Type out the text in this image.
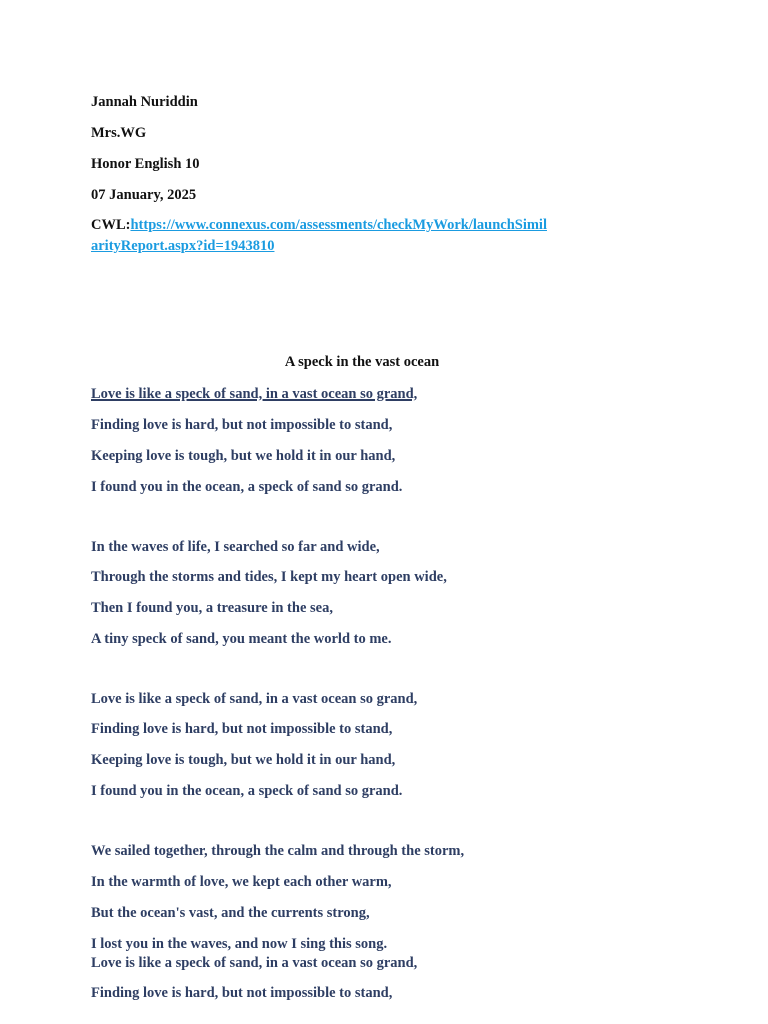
Jannah Nuriddin
Mrs.WG
Honor English 10
07 January, 2025
CWL:https://www.connexus.com/assessments/checkMyWork/launchSimil
arityReport.aspx?id=1943810
A speck in the vast ocean
Love is like a speck of sand, in a vast ocean so grand,
Finding love is hard, but not impossible to stand,
Keeping love is tough, but we hold it in our hand,
I found you in the ocean, a speck of sand so grand.
In the waves of life, I searched so far and wide,
Through the storms and tides, I kept my heart open wide,
Then I found you, a treasure in the sea,
A tiny speck of sand, you meant the world to me.
Love is like a speck of sand, in a vast ocean so grand,
Finding love is hard, but not impossible to stand,
Keeping love is tough, but we hold it in our hand,
I found you in the ocean, a speck of sand so grand.
We sailed together, through the calm and through the storm,
In the warmth of love, we kept each other warm,
But the ocean's vast, and the currents strong,
I lost you in the waves, and now I sing this song.
Love is like a speck of sand, in a vast ocean so grand,
Finding love is hard, but not impossible to stand,
